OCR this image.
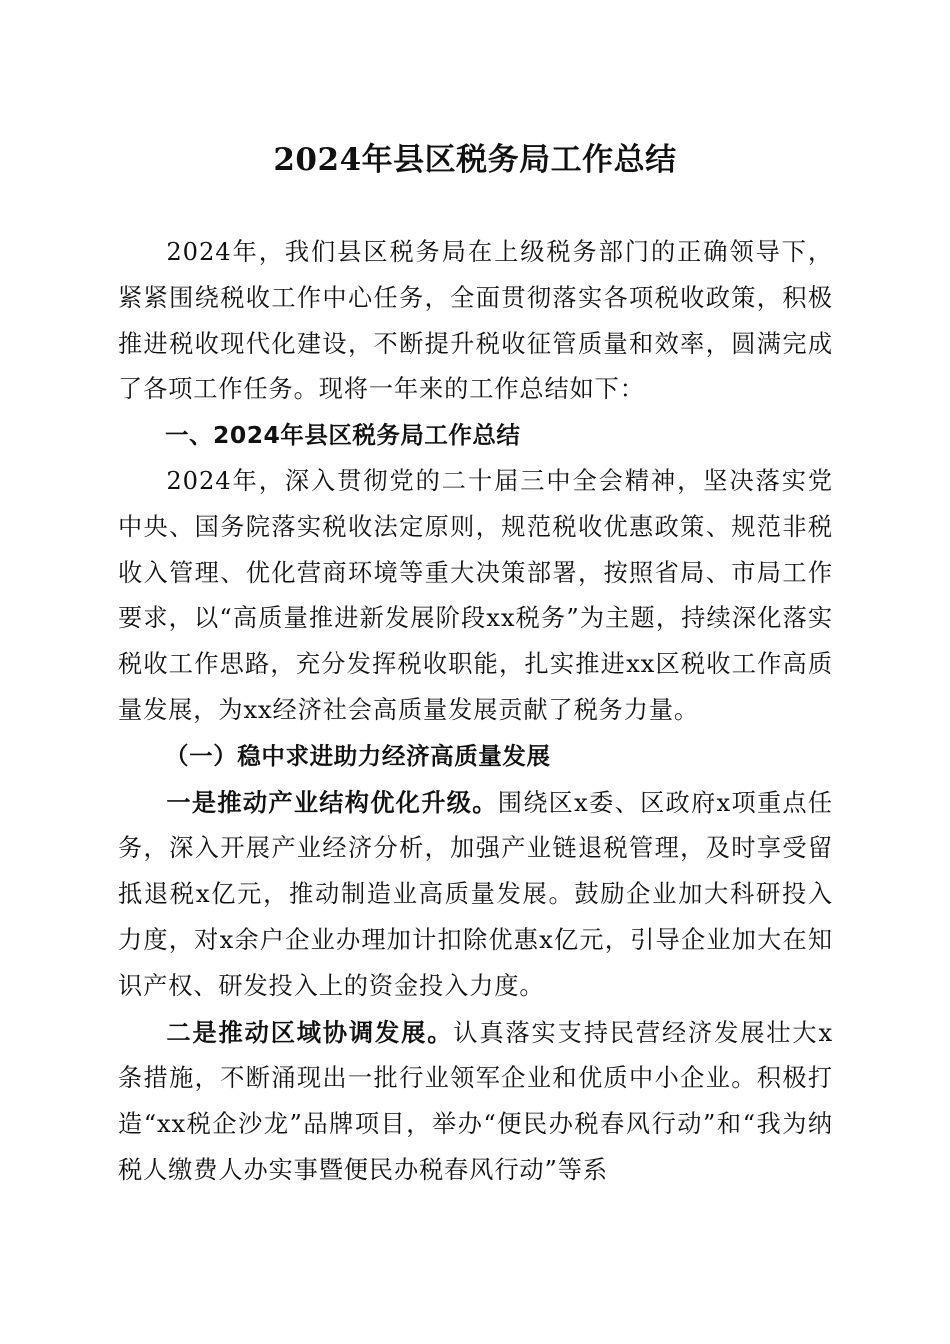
2024年县区税务局工作总结

2024年，我们县区税务局在上级税务部门的正确领导下，紧紧围绕税收工作中心任务，全面贯彻落实各项税收政策，积极推进税收现代化建设，不断提升税收征管质量和效率，圆满完成了各项工作任务。现将一年来的工作总结如下：

一、2024年县区税务局工作总结

2024年，深入贯彻党的二十届三中全会精神，坚决落实党中央、国务院落实税收法定原则，规范税收优惠政策、规范非税收入管理、优化营商环境等重大决策部署，按照省局、市局工作要求，以“高质量推进新发展阶段xx税务”为主题，持续深化落实税收工作思路，充分发挥税收职能，扎实推进xx区税收工作高质量发展，为xx经济社会高质量发展贡献了税务力量。

（一）稳中求进助力经济高质量发展

一是推动产业结构优化升级。围绕区x委、区政府x项重点任务，深入开展产业经济分析，加强产业链退税管理，及时享受留抵退税x亿元，推动制造业高质量发展。鼓励企业加大科研投入力度，对x余户企业办理加计扣除优惠x亿元，引导企业加大在知识产权、研发投入上的资金投入力度。

二是推动区域协调发展。认真落实支持民营经济发展壮大x条措施，不断涌现出一批行业领军企业和优质中小企业。积极打造“xx税企沙龙”品牌项目，举办“便民办税春风行动”和“我为纳税人缴费人办实事暨便民办税春风行动”等系
